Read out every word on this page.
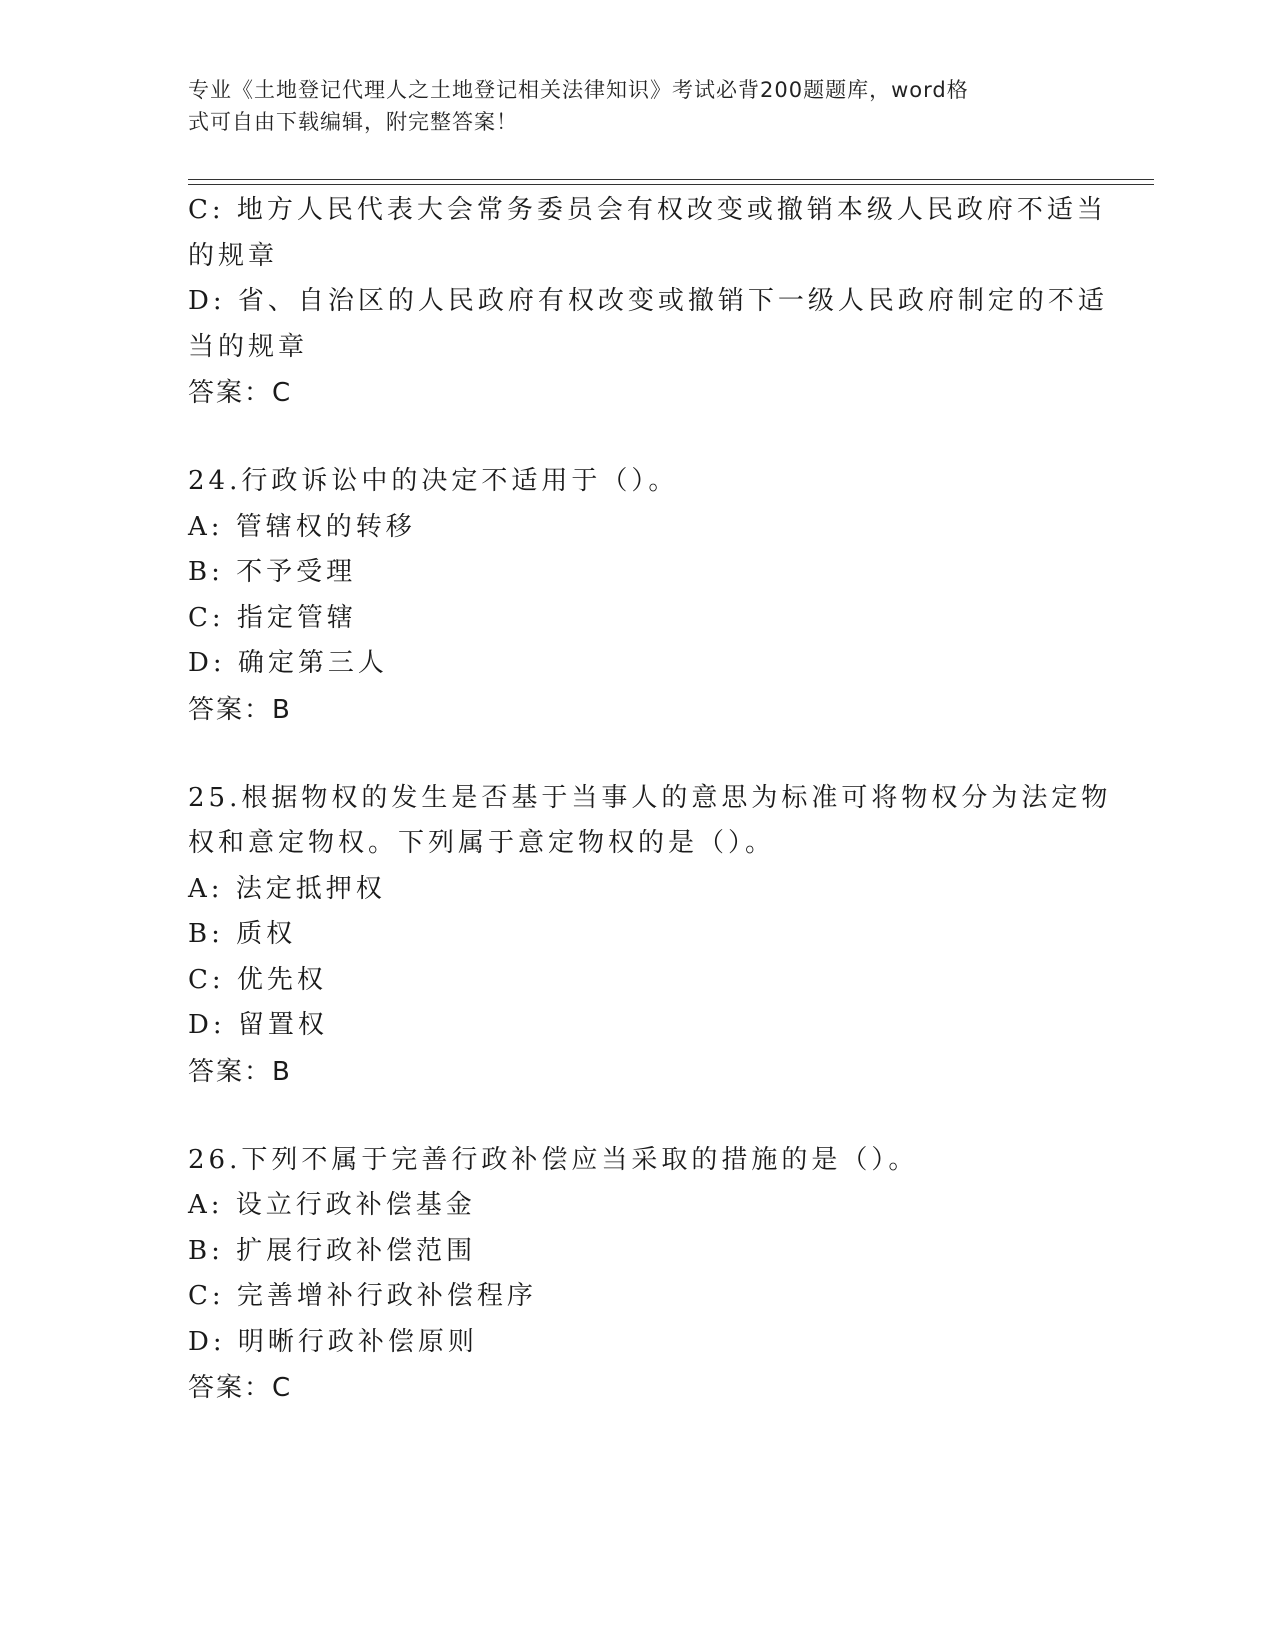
专业《土地登记代理人之土地登记相关法律知识》考试必背200题题库，word格
式可自由下载编辑，附完整答案！
C: 地方人民代表大会常务委员会有权改变或撤销本级人民政府不适当
的规章
D: 省、自治区的人民政府有权改变或撤销下一级人民政府制定的不适
当的规章
答案：C
24.行政诉讼中的决定不适用于（）。
A: 管辖权的转移
B: 不予受理
C: 指定管辖
D: 确定第三人
答案：B
25.根据物权的发生是否基于当事人的意思为标准可将物权分为法定物
权和意定物权。下列属于意定物权的是（）。
A: 法定抵押权
B: 质权
C: 优先权
D: 留置权
答案：B
26.下列不属于完善行政补偿应当采取的措施的是（）。
A: 设立行政补偿基金
B: 扩展行政补偿范围
C: 完善增补行政补偿程序
D: 明晰行政补偿原则
答案：C
